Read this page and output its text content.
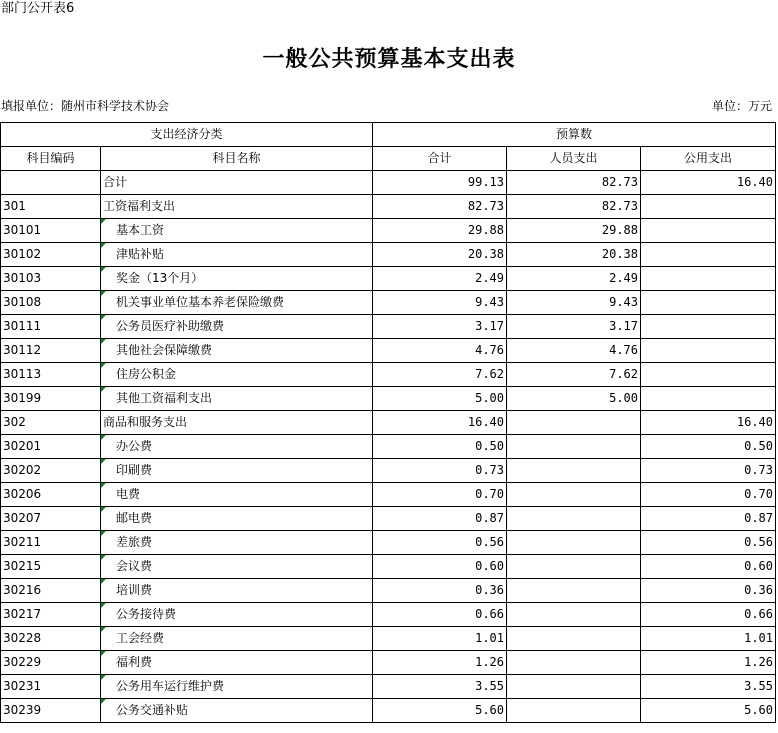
部门公开表6
一般公共预算基本支出表
填报单位：随州市科学技术协会	单位：万元
支出经济分类		预算数		
科目编码	科目名称	合计	人员支出	公用支出
	合计	99.13	82.73	16.40
301	工资福利支出	82.73	82.73	
30101	基本工资	29.88	29.88	
30102	津贴补贴	20.38	20.38	
30103	奖金（13个月）	2.49	2.49	
30108	机关事业单位基本养老保险缴费	9.43	9.43	
30111	公务员医疗补助缴费	3.17	3.17	
30112	其他社会保障缴费	4.76	4.76	
30113	住房公积金	7.62	7.62	
30199	其他工资福利支出	5.00	5.00	
302	商品和服务支出	16.40		16.40
30201	办公费	0.50		0.50
30202	印刷费	0.73		0.73
30206	电费	0.70		0.70
30207	邮电费	0.87		0.87
30211	差旅费	0.56		0.56
30215	会议费	0.60		0.60
30216	培训费	0.36		0.36
30217	公务接待费	0.66		0.66
30228	工会经费	1.01		1.01
30229	福利费	1.26		1.26
30231	公务用车运行维护费	3.55		3.55
30239	公务交通补贴	5.60		5.60
